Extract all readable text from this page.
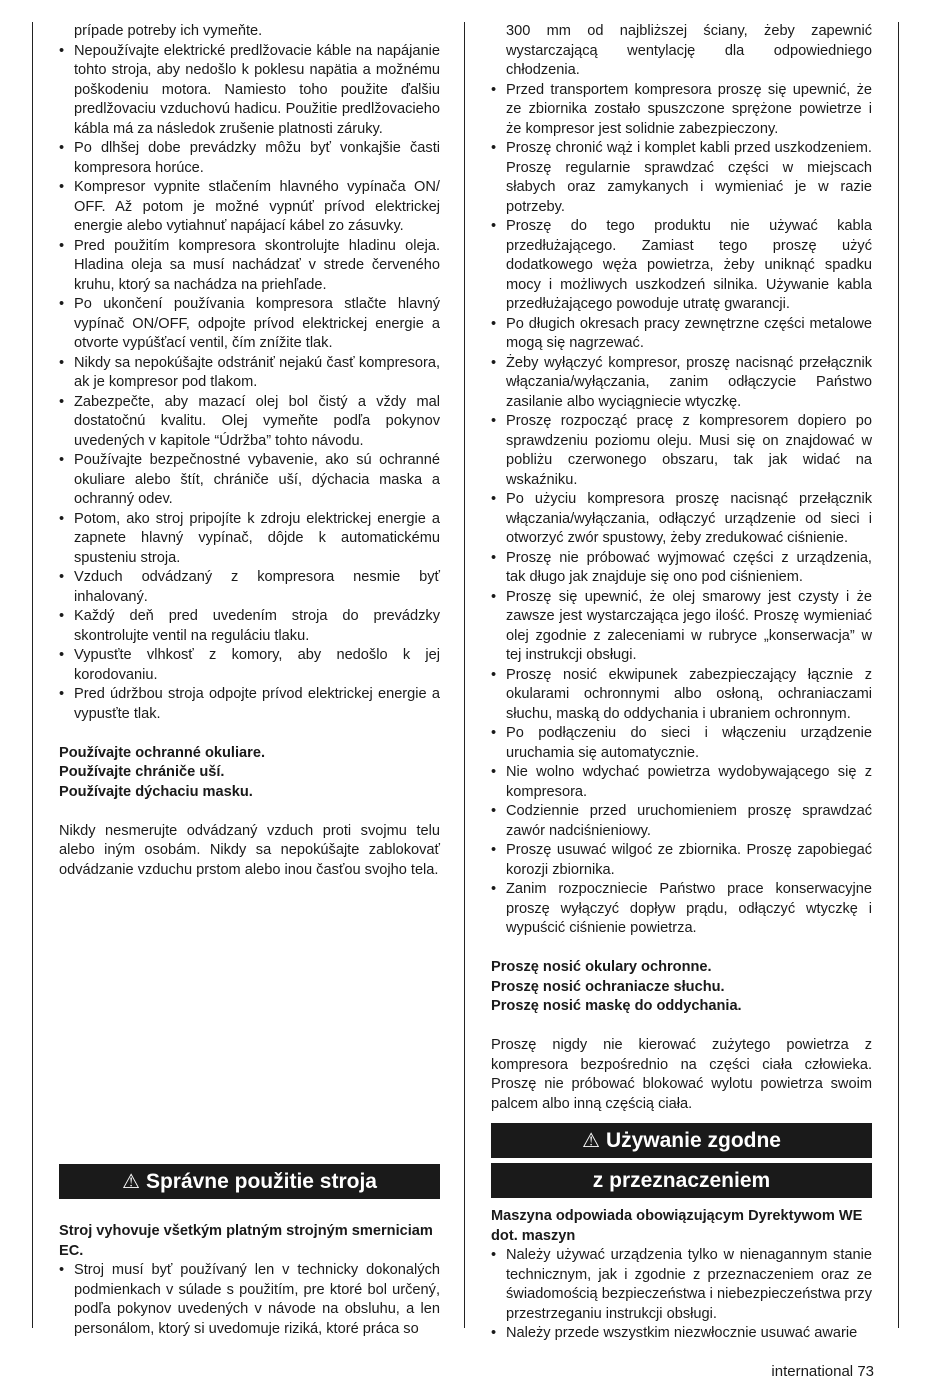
prípade potreby ich vymeňte.
• Nepoužívajte elektrické predlžovacie káble na napájanie tohto stroja, aby nedošlo k poklesu napätia a možnému poškodeniu motora. Namiesto toho použite ďalšiu predlžovaciu vzduchovú hadicu. Použitie predlžovacieho kábla má za následok zrušenie platnosti záruky.
• Po dlhšej dobe prevádzky môžu byť vonkajšie časti kompresora horúce.
• Kompresor vypnite stlačením hlavného vypínača ON/ OFF. Až potom je možné vypnúť prívod elektrickej energie alebo vytiahnuť napájací kábel zo zásuvky.
• Pred použitím kompresora skontrolujte hladinu oleja. Hladina oleja sa musí nachádzať v strede červeného kruhu, ktorý sa nachádza na priehľade.
• Po ukončení používania kompresora stlačte hlavný vypínač ON/OFF, odpojte prívod elektrickej energie a otvorte vypúšťací ventil, čím znížite tlak.
• Nikdy sa nepokúšajte odstrániť nejakú časť kompresora, ak je kompresor pod tlakom.
• Zabezpečte, aby mazací olej bol čistý a vždy mal dostatočnú kvalitu. Olej vymeňte podľa pokynov uvedených v kapitole “Údržba” tohto návodu.
• Používajte bezpečnostné vybavenie, ako sú ochranné okuliare alebo štít, chrániče uší, dýchacia maska a ochranný odev.
• Potom, ako stroj pripojíte k zdroju elektrickej energie a zapnete hlavný vypínač, dôjde k automatickému spusteniu stroja.
• Vzduch odvádzaný z kompresora nesmie byť inhalovaný.
• Každý deň pred uvedením stroja do prevádzky skontrolujte ventil na reguláciu tlaku.
• Vypusťte vlhkosť z komory, aby nedošlo k jej korodovaniu.
• Pred údržbou stroja odpojte prívod elektrickej energie a vypusťte tlak.

Používajte ochranné okuliare.

Používajte chrániče uší.

Používajte dýchaciu masku.

Nikdy nesmerujte odvádzaný vzduch proti svojmu telu alebo iným osobám. Nikdy sa nepokúšajte zablokovať odvádzanie vzduchu prstom alebo inou časťou svojho tela.

⚠ Správne použitie stroja

Stroj vyhovuje všetkým platným strojným smerniciam EC.

• Stroj musí byť používaný len v technicky dokonalých podmienkach v súlade s použitím, pre ktoré bol určený, podľa pokynov uvedených v návode na obsluhu, a len personálom, ktorý si uvedomuje riziká, ktoré práca so
300 mm od najbliższej ściany, żeby zapewnić wystarczającą wentylację dla odpowiedniego chłodzenia.
• Przed transportem kompresora proszę się upewnić, że ze zbiornika zostało spuszczone sprężone powietrze i że kompresor jest solidnie zabezpieczony.
• Proszę chronić wąż i komplet kabli przed uszkodzeniem. Proszę regularnie sprawdzać części w miejscach słabych oraz zamykanych i wymieniać je w razie potrzeby.
• Proszę do tego produktu nie używać kabla przedłużającego. Zamiast tego proszę użyć dodatkowego węża powietrza, żeby uniknąć spadku mocy i możliwych uszkodzeń silnika. Używanie kabla przedłużającego powoduje utratę gwarancji.
• Po długich okresach pracy zewnętrzne części metalowe mogą się nagrzewać.
• Żeby wyłączyć kompresor, proszę nacisnąć przełącznik włączania/wyłączania, zanim odłączycie Państwo zasilanie albo wyciągniecie wtyczkę.
• Proszę rozpocząć pracę z kompresorem dopiero po sprawdzeniu poziomu oleju. Musi się on znajdować w pobliżu czerwonego obszaru, tak jak widać na wskaźniku.
• Po użyciu kompresora proszę nacisnąć przełącznik włączania/wyłączania, odłączyć urządzenie od sieci i otworzyć zwór spustowy, żeby zredukować ciśnienie.
• Proszę nie próbować wyjmować części z urządzenia, tak długo jak znajduje się ono pod ciśnieniem.
• Proszę się upewnić, że olej smarowy jest czysty i że zawsze jest wystarczająca jego ilość. Proszę wymieniać olej zgodnie z zaleceniami w rubryce „konserwacja” w tej instrukcji obsługi.
• Proszę nosić ekwipunek zabezpieczający łącznie z okularami ochronnymi albo osłoną, ochraniaczami słuchu, maską do oddychania i ubraniem ochronnym.
• Po podłączeniu do sieci i włączeniu urządzenie uruchamia się automatycznie.
• Nie wolno wdychać powietrza wydobywającego się z kompresora.
• Codziennie przed uruchomieniem proszę sprawdzać zawór nadciśnieniowy.
• Proszę usuwać wilgoć ze zbiornika. Proszę zapobiegać korozji zbiornika.
• Zanim rozpoczniecie Państwo prace konserwacyjne proszę wyłączyć dopływ prądu, odłączyć wtyczkę i wypuścić ciśnienie powietrza.

Proszę nosić okulary ochronne.

Proszę nosić ochraniacze słuchu.

Proszę nosić maskę do oddychania.

Proszę nigdy nie kierować zużytego powietrza z kompresora bezpośrednio na części ciała człowieka. Proszę nie próbować blokować wylotu powietrza swoim palcem albo inną częścią ciała.

⚠ Używanie zgodne
z przeznaczeniem

Maszyna odpowiada obowiązującym Dyrektywom WE dot. maszyn

• Należy używać urządzenia tylko w nienagannym stanie technicznym, jak i zgodnie z przeznaczeniem oraz ze świadomością bezpieczeństwa i niebezpieczeństwa przy przestrzeganiu instrukcji obsługi.
• Należy przede wszystkim niezwłocznie usuwać awarie
international 73
